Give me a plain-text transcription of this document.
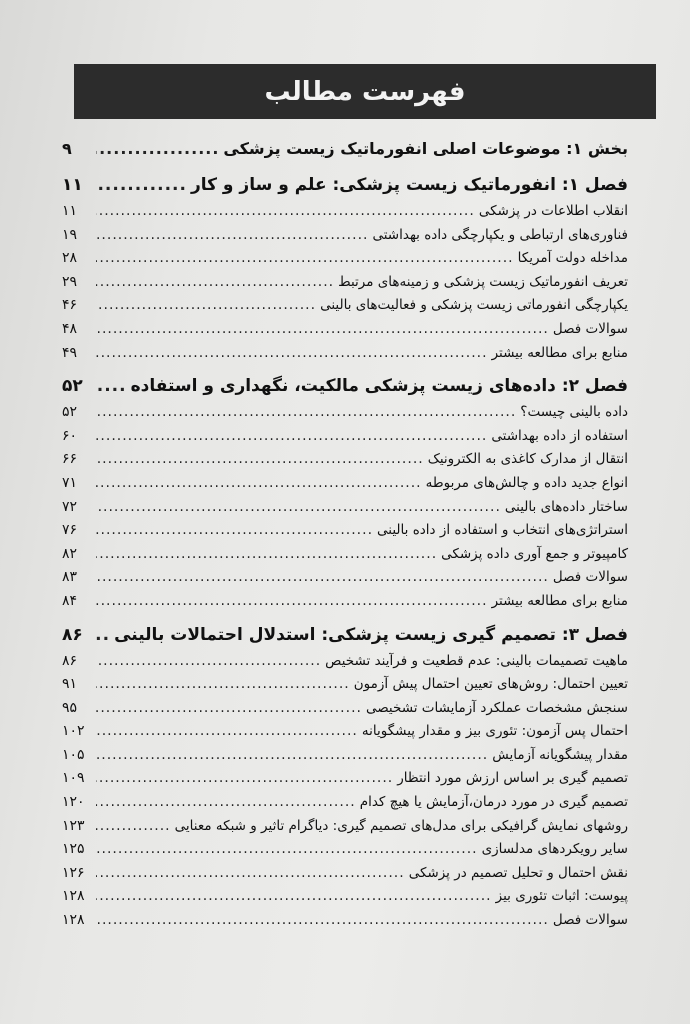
فهرست مطالب
بخش ۱: موضوعات اصلی انفورماتیک زیست پزشکی
.....
۹
فصل ۱: انفورماتیک زیست پزشکی: علم و ساز و کار
.....
۱۱
انقلاب اطلاعات در پزشکی
.....
۱۱
فناوری‌های ارتباطی و یکپارچگی داده بهداشتی
.....
۱۹
مداخله دولت آمریکا
.....
۲۸
تعریف انفورماتیک زیست پزشکی و زمینه‌های مرتبط
.....
۲۹
یکپارچگی انفورماتی زیست پزشکی و فعالیت‌های بالینی
.....
۴۶
سوالات فصل
.....
۴۸
منابع برای مطالعه بیشتر
.....
۴۹
فصل ۲: داده‌های زیست پزشکی مالکیت، نگهداری و استفاده
.....
۵۲
داده بالینی چیست؟
.....
۵۲
استفاده از داده بهداشتی
.....
۶۰
انتقال از مدارک کاغذی به الکترونیک
.....
۶۶
انواع جدید داده و چالش‌های مربوطه
.....
۷۱
ساختار داده‌های بالینی
.....
۷۲
استراتژی‌های انتخاب و استفاده از داده بالینی
.....
۷۶
کامپیوتر و جمع آوری داده پزشکی
.....
۸۲
سوالات فصل
.....
۸۳
منابع برای مطالعه بیشتر
.....
۸۴
فصل ۳: تصمیم گیری زیست پزشکی: استدلال احتمالات بالینی
.....
۸۶
ماهیت تصمیمات بالینی: عدم قطعیت و فرآیند تشخیص
.....
۸۶
تعیین احتمال: روش‌های تعیین احتمال پیش آزمون
.....
۹۱
سنجش مشخصات عملکرد آزمایشات تشخیصی
.....
۹۵
احتمال پس آزمون: تئوری بیز و مقدار پیشگویانه
.....
۱۰۲
مقدار پیشگویانه آزمایش
.....
۱۰۵
تصمیم گیری بر اساس ارزش مورد انتظار
.....
۱۰۹
تصمیم گیری در مورد درمان،آزمایش یا هیچ کدام
.....
۱۲۰
روشهای نمایش گرافیکی برای مدل‌های تصمیم گیری: دیاگرام تاثیر و شبکه معنایی
.....
۱۲۳
سایر رویکردهای مدلسازی
.....
۱۲۵
نقش احتمال و تحلیل تصمیم در پزشکی
.....
۱۲۶
پیوست: اثبات تئوری بیز
.....
۱۲۸
سوالات فصل
.....
۱۲۸
